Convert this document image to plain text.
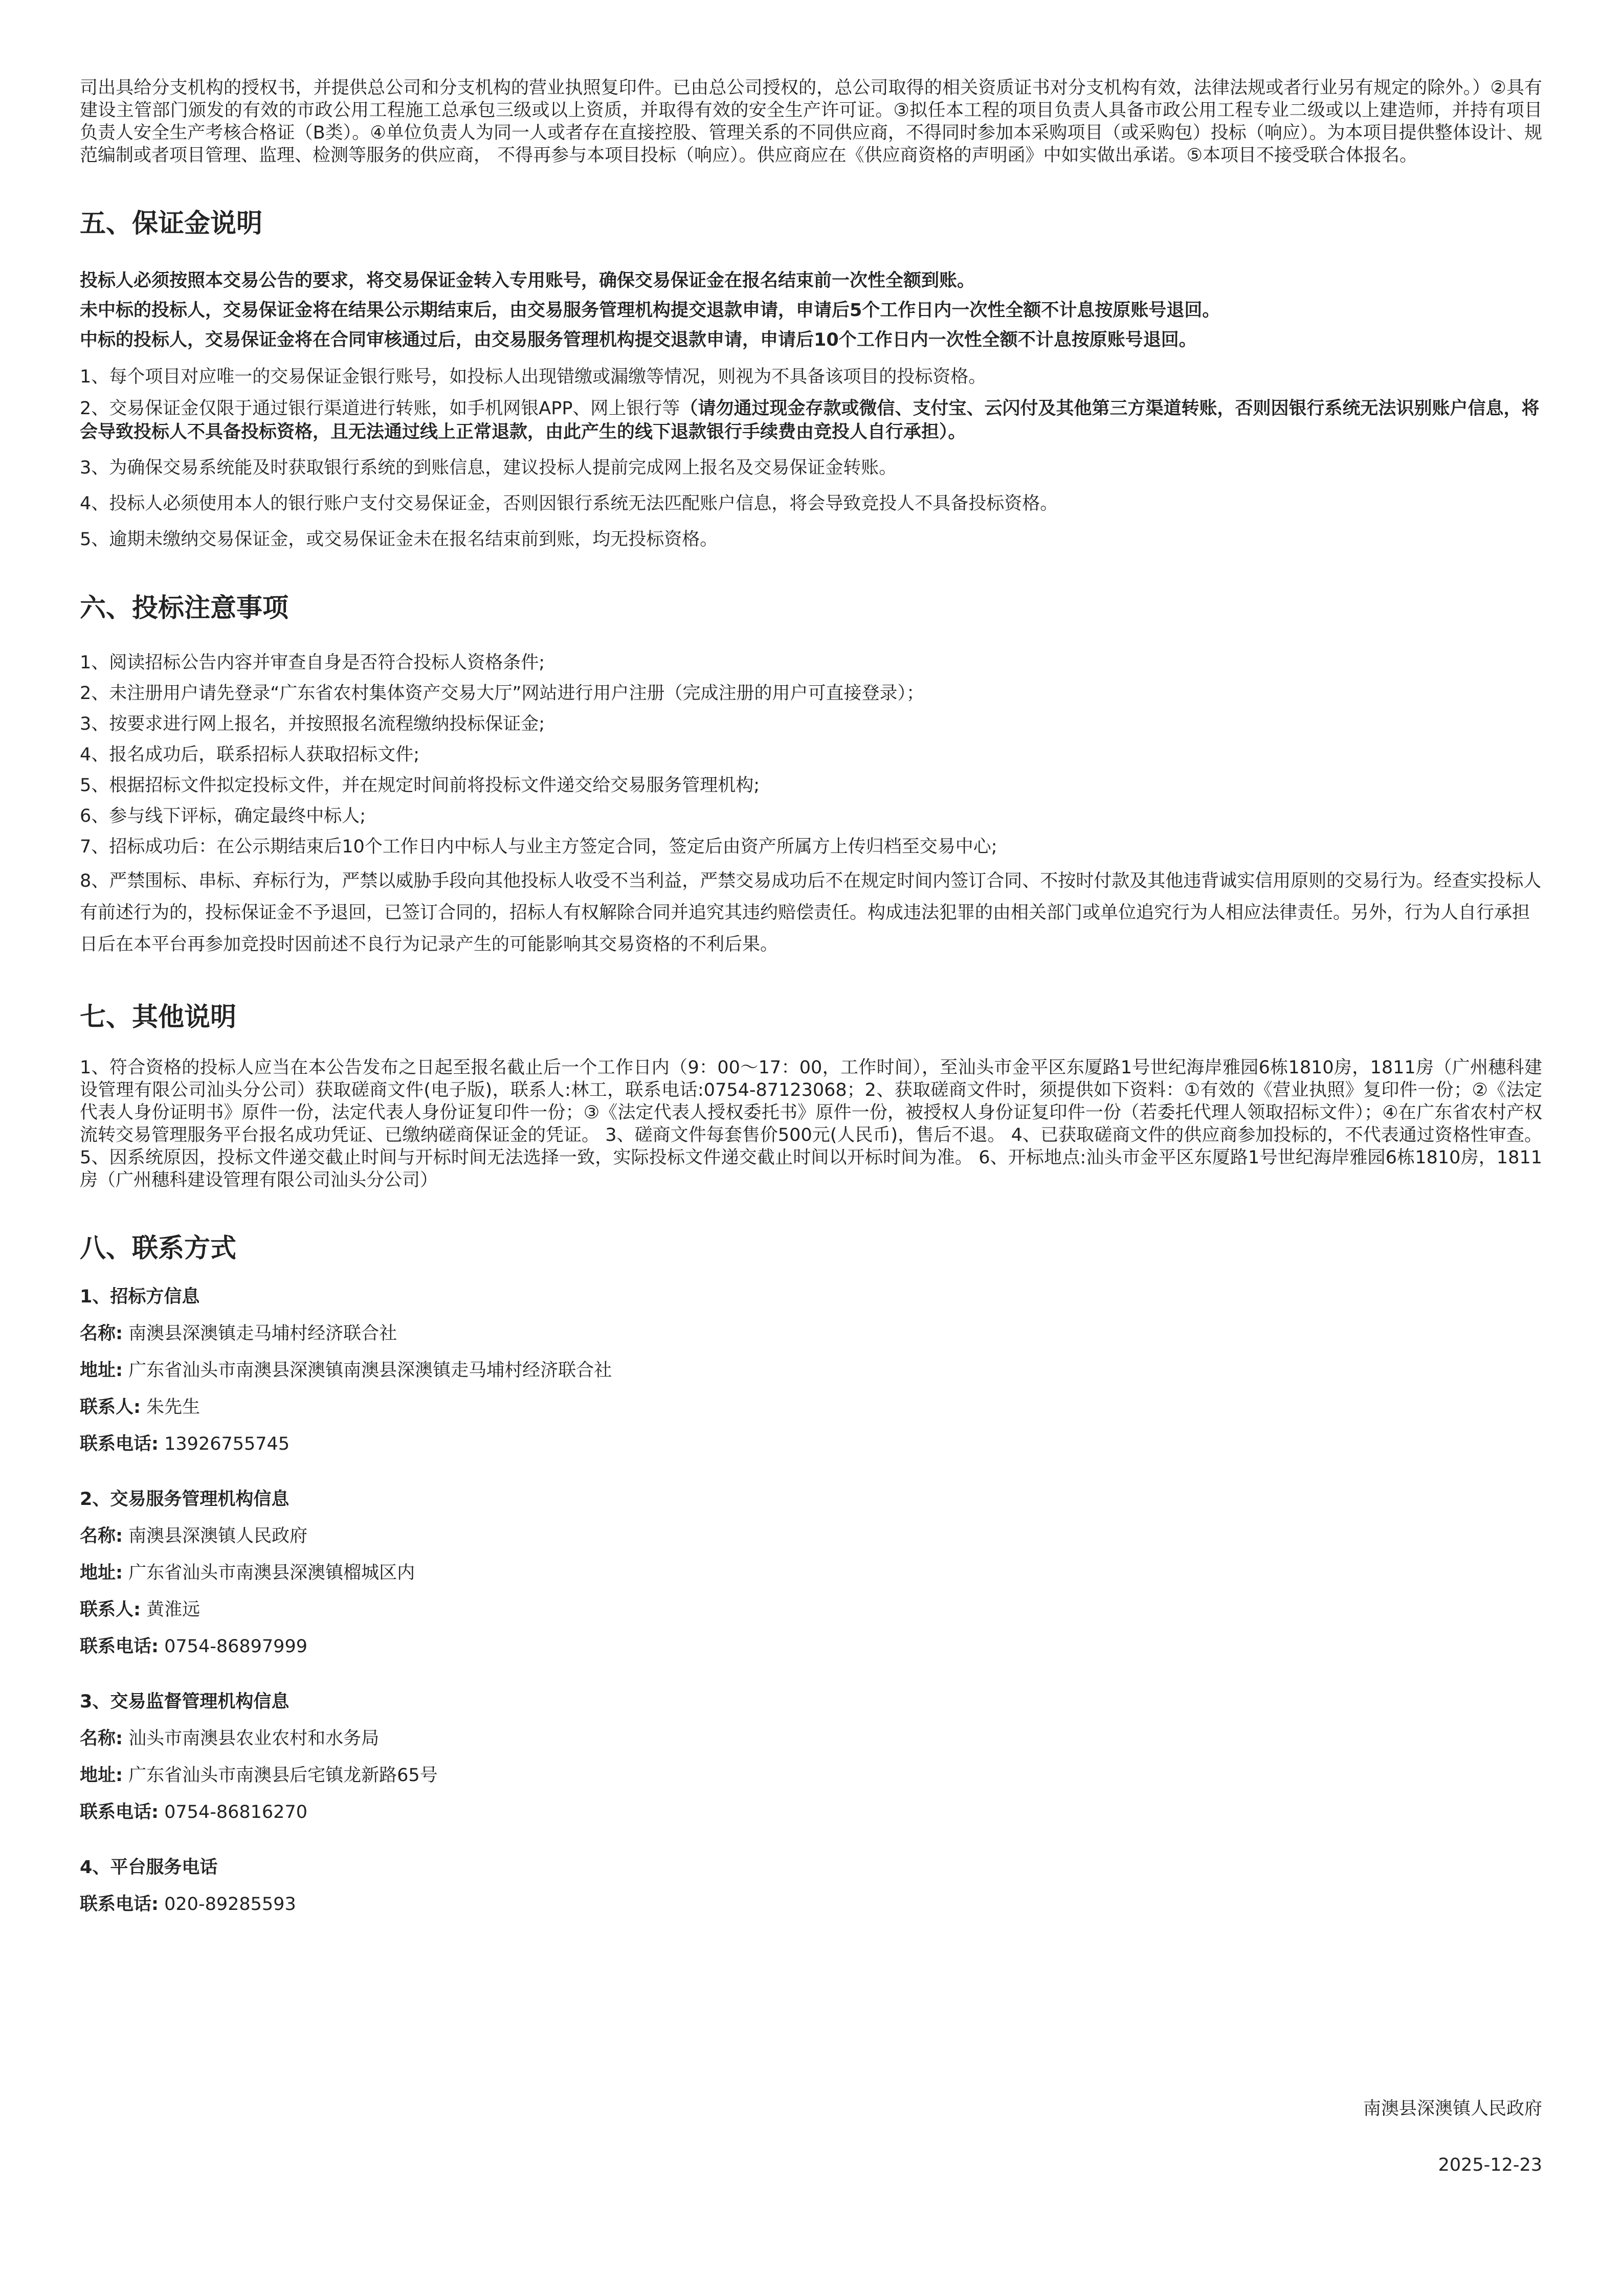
司出具给分支机构的授权书，并提供总公司和分支机构的营业执照复印件。已由总公司授权的，总公司取得的相关资质证书对分支机构有效，法律法规或者行业另有规定的除外。）②具有建设主管部门颁发的有效的市政公用工程施工总承包三级或以上资质，并取得有效的安全生产许可证。③拟任本工程的项目负责人具备市政公用工程专业二级或以上建造师，并持有项目负责人安全生产考核合格证（B类）。④单位负责人为同一人或者存在直接控股、管理关系的不同供应商，不得同时参加本采购项目（或采购包）投标（响应）。为本项目提供整体设计、规范编制或者项目管理、监理、检测等服务的供应商， 不得再参与本项目投标（响应）。供应商应在《供应商资格的声明函》中如实做出承诺。⑤本项目不接受联合体报名。

五、保证金说明

投标人必须按照本交易公告的要求，将交易保证金转入专用账号，确保交易保证金在报名结束前一次性全额到账。

未中标的投标人，交易保证金将在结果公示期结束后，由交易服务管理机构提交退款申请，申请后5个工作日内一次性全额不计息按原账号退回。

中标的投标人，交易保证金将在合同审核通过后，由交易服务管理机构提交退款申请，申请后10个工作日内一次性全额不计息按原账号退回。

1、每个项目对应唯一的交易保证金银行账号，如投标人出现错缴或漏缴等情况，则视为不具备该项目的投标资格。

2、交易保证金仅限于通过银行渠道进行转账，如手机网银APP、网上银行等（请勿通过现金存款或微信、支付宝、云闪付及其他第三方渠道转账，否则因银行系统无法识别账户信息，将会导致投标人不具备投标资格，且无法通过线上正常退款，由此产生的线下退款银行手续费由竞投人自行承担）。

3、为确保交易系统能及时获取银行系统的到账信息，建议投标人提前完成网上报名及交易保证金转账。

4、投标人必须使用本人的银行账户支付交易保证金，否则因银行系统无法匹配账户信息，将会导致竞投人不具备投标资格。

5、逾期未缴纳交易保证金，或交易保证金未在报名结束前到账，均无投标资格。

六、投标注意事项

1、阅读招标公告内容并审查自身是否符合投标人资格条件;

2、未注册用户请先登录“广东省农村集体资产交易大厅”网站进行用户注册（完成注册的用户可直接登录）；

3、按要求进行网上报名，并按照报名流程缴纳投标保证金;

4、报名成功后，联系招标人获取招标文件;

5、根据招标文件拟定投标文件，并在规定时间前将投标文件递交给交易服务管理机构;

6、参与线下评标，确定最终中标人;

7、招标成功后：在公示期结束后10个工作日内中标人与业主方签定合同，签定后由资产所属方上传归档至交易中心;

8、严禁围标、串标、弃标行为，严禁以威胁手段向其他投标人收受不当利益，严禁交易成功后不在规定时间内签订合同、不按时付款及其他违背诚实信用原则的交易行为。经查实投标人有前述行为的，投标保证金不予退回，已签订合同的，招标人有权解除合同并追究其违约赔偿责任。构成违法犯罪的由相关部门或单位追究行为人相应法律责任。另外，行为人自行承担日后在本平台再参加竞投时因前述不良行为记录产生的可能影响其交易资格的不利后果。

七、其他说明

1、符合资格的投标人应当在本公告发布之日起至报名截止后一个工作日内（9：00～17：00，工作时间），至汕头市金平区东厦路1号世纪海岸雅园6栋1810房，1811房（广州穗科建设管理有限公司汕头分公司）获取磋商文件(电子版)，联系人:林工，联系电话:0754-87123068；2、获取磋商文件时，须提供如下资料：①有效的《营业执照》复印件一份；②《法定代表人身份证明书》原件一份，法定代表人身份证复印件一份；③《法定代表人授权委托书》原件一份，被授权人身份证复印件一份（若委托代理人领取招标文件）；④在广东省农村产权流转交易管理服务平台报名成功凭证、已缴纳磋商保证金的凭证。 3、磋商文件每套售价500元(人民币)，售后不退。 4、已获取磋商文件的供应商参加投标的，不代表通过资格性审查。 5、因系统原因，投标文件递交截止时间与开标时间无法选择一致，实际投标文件递交截止时间以开标时间为准。 6、开标地点:汕头市金平区东厦路1号世纪海岸雅园6栋1810房，1811房（广州穗科建设管理有限公司汕头分公司）

八、联系方式

1、招标方信息

名称: 南澳县深澳镇走马埔村经济联合社

地址: 广东省汕头市南澳县深澳镇南澳县深澳镇走马埔村经济联合社

联系人: 朱先生

联系电话: 13926755745

2、交易服务管理机构信息

名称: 南澳县深澳镇人民政府

地址: 广东省汕头市南澳县深澳镇榴城区内

联系人: 黄淮远

联系电话: 0754-86897999

3、交易监督管理机构信息

名称: 汕头市南澳县农业农村和水务局

地址: 广东省汕头市南澳县后宅镇龙新路65号

联系电话: 0754-86816270

4、平台服务电话

联系电话: 020-89285593

南澳县深澳镇人民政府
2025-12-23
